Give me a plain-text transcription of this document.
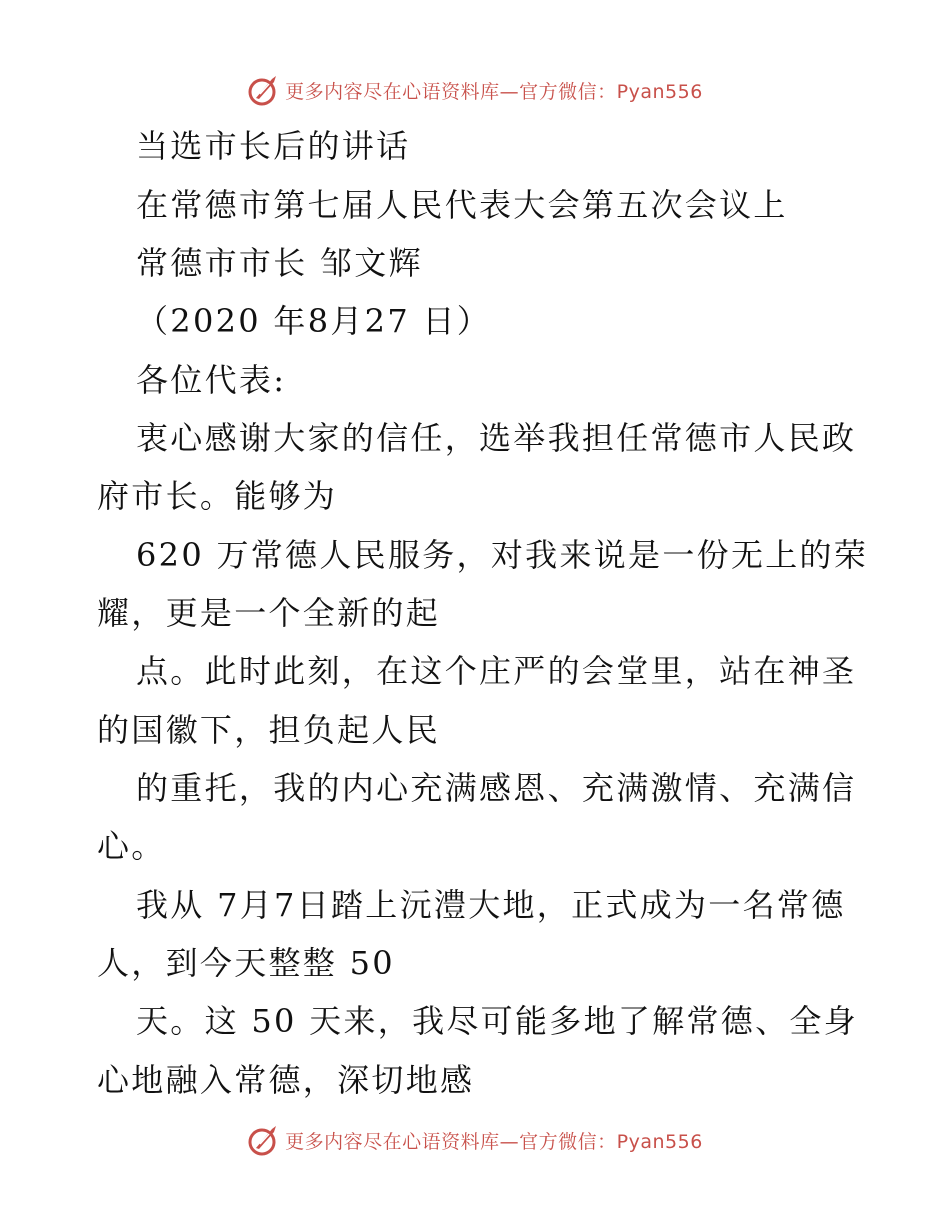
更多内容尽在心语资料库—官方微信：Pyan556
当选市长后的讲话
在常德市第七届人民代表大会第五次会议上
常德市市长 邹文辉
（2020 年8月27 日）
各位代表:
衷心感谢大家的信任，选举我担任常德市人民政
府市长。能够为
620 万常德人民服务，对我来说是一份无上的荣
耀，更是一个全新的起
点。此时此刻，在这个庄严的会堂里，站在神圣
的国徽下，担负起人民
的重托，我的内心充满感恩、充满激情、充满信
心。
我从 7月7日踏上沅澧大地，正式成为一名常德
人，到今天整整 50
天。这 50 天来，我尽可能多地了解常德、全身
心地融入常德，深切地感
更多内容尽在心语资料库—官方微信：Pyan556
